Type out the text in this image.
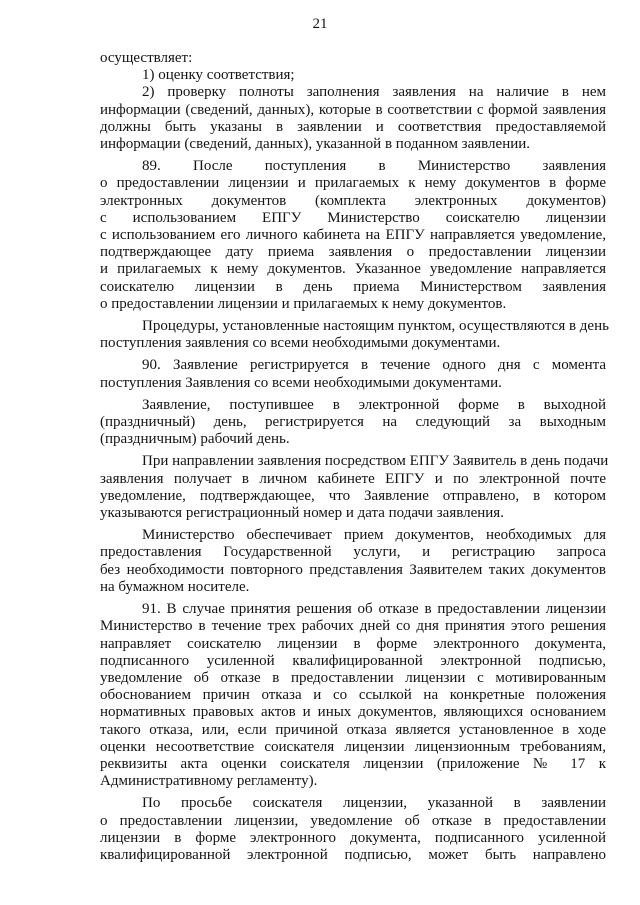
21
осуществляет:
1) оценку соответствия;
2) проверку полноты заполнения заявления на наличие в нем
информации (сведений, данных), которые в соответствии с формой заявления
должны быть указаны в заявлении и соответствия предоставляемой
информации (сведений, данных), указанной в поданном заявлении.
89. После поступления в Министерство заявления
о предоставлении лицензии и прилагаемых к нему документов в форме
электронных документов (комплекта электронных документов)
с использованием ЕПГУ Министерство соискателю лицензии
с использованием его личного кабинета на ЕПГУ направляется уведомление,
подтверждающее дату приема заявления о предоставлении лицензии
и прилагаемых к нему документов. Указанное уведомление направляется
соискателю лицензии в день приема Министерством заявления
о предоставлении лицензии и прилагаемых к нему документов.
Процедуры, установленные настоящим пунктом, осуществляются в день
поступления заявления со всеми необходимыми документами.
90. Заявление регистрируется в течение одного дня с момента
поступления Заявления со всеми необходимыми документами.
Заявление, поступившее в электронной форме в выходной
(праздничный) день, регистрируется на следующий за выходным
(праздничным) рабочий день.
При направлении заявления посредством ЕПГУ Заявитель в день подачи
заявления получает в личном кабинете ЕПГУ и по электронной почте
уведомление, подтверждающее, что Заявление отправлено, в котором
указываются регистрационный номер и дата подачи заявления.
Министерство обеспечивает прием документов, необходимых для
предоставления Государственной услуги, и регистрацию запроса
без необходимости повторного представления Заявителем таких документов
на бумажном носителе.
91. В случае принятия решения об отказе в предоставлении лицензии
Министерство в течение трех рабочих дней со дня принятия этого решения
направляет соискателю лицензии в форме электронного документа,
подписанного усиленной квалифицированной электронной подписью,
уведомление об отказе в предоставлении лицензии с мотивированным
обоснованием причин отказа и со ссылкой на конкретные положения
нормативных правовых актов и иных документов, являющихся основанием
такого отказа, или, если причиной отказа является установленное в ходе
оценки несоответствие соискателя лицензии лицензионным требованиям,
реквизиты акта оценки соискателя лицензии (приложение № 17 к
Административному регламенту).
По просьбе соискателя лицензии, указанной в заявлении
о предоставлении лицензии, уведомление об отказе в предоставлении
лицензии в форме электронного документа, подписанного усиленной
квалифицированной электронной подписью, может быть направлено
